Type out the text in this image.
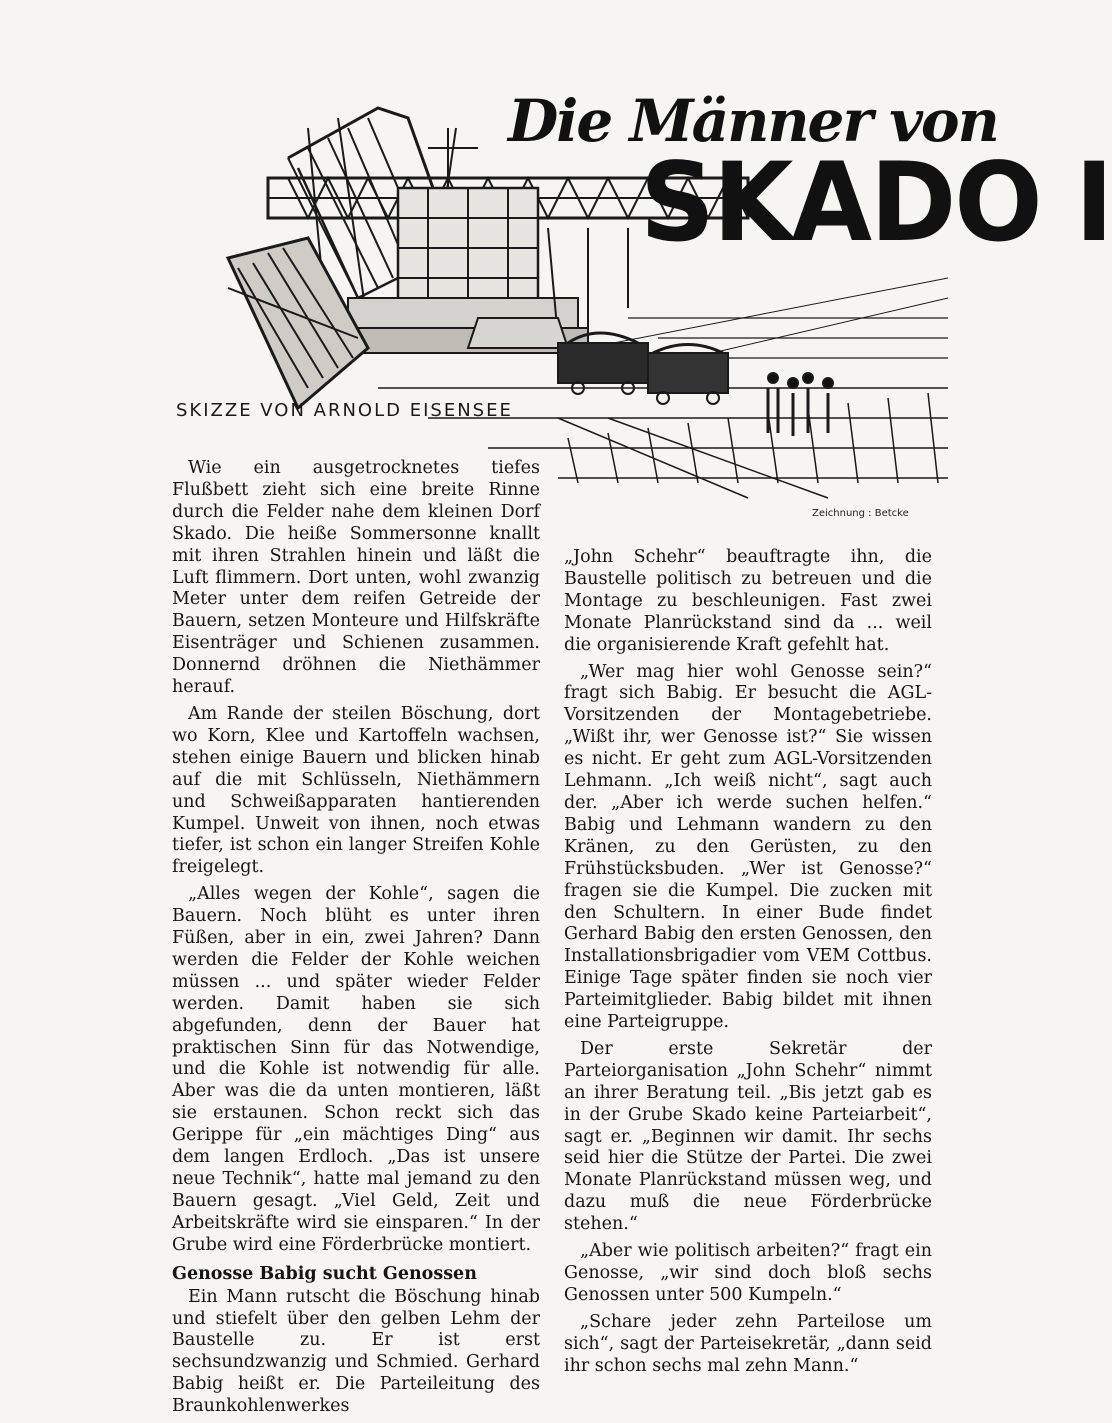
Die Männer von
SKADO I
SKIZZE VON ARNOLD EISENSEE
Zeichnung : Betcke

Wie ein ausgetrocknetes tiefes Flußbett zieht sich eine breite Rinne durch die Felder nahe dem kleinen Dorf Skado. Die heiße Sommersonne knallt mit ihren Strahlen hinein und läßt die Luft flimmern. Dort unten, wohl zwanzig Meter unter dem reifen Getreide der Bauern, setzen Monteure und Hilfskräfte Eisenträger und Schienen zusammen. Donnernd dröhnen die Niethämmer herauf.

Am Rande der steilen Böschung, dort wo Korn, Klee und Kartoffeln wachsen, stehen einige Bauern und blicken hinab auf die mit Schlüsseln, Niethämmern und Schweißapparaten hantierenden Kumpel. Unweit von ihnen, noch etwas tiefer, ist schon ein langer Streifen Kohle freigelegt.

„Alles wegen der Kohle“, sagen die Bauern. Noch blüht es unter ihren Füßen, aber in ein, zwei Jahren? Dann werden die Felder der Kohle weichen müssen ... und später wieder Felder werden. Damit haben sie sich abgefunden, denn der Bauer hat praktischen Sinn für das Notwendige, und die Kohle ist notwendig für alle. Aber was die da unten montieren, läßt sie erstaunen. Schon reckt sich das Gerippe für „ein mächtiges Ding“ aus dem langen Erdloch. „Das ist unsere neue Technik“, hatte mal jemand zu den Bauern gesagt. „Viel Geld, Zeit und Arbeitskräfte wird sie einsparen.“ In der Grube wird eine Förderbrücke montiert.

Genosse Babig sucht Genossen

Ein Mann rutscht die Böschung hinab und stiefelt über den gelben Lehm der Baustelle zu. Er ist erst sechsundzwanzig und Schmied. Gerhard Babig heißt er. Die Parteileitung des Braunkohlenwerkes

„John Schehr“ beauftragte ihn, die Baustelle politisch zu betreuen und die Montage zu beschleunigen. Fast zwei Monate Planrückstand sind da ... weil die organisierende Kraft gefehlt hat.

„Wer mag hier wohl Genosse sein?“ fragt sich Babig. Er besucht die AGL-Vorsitzenden der Montagebetriebe. „Wißt ihr, wer Genosse ist?“ Sie wissen es nicht. Er geht zum AGL-Vorsitzenden Lehmann. „Ich weiß nicht“, sagt auch der. „Aber ich werde suchen helfen.“ Babig und Lehmann wandern zu den Kränen, zu den Gerüsten, zu den Frühstücksbuden. „Wer ist Genosse?“ fragen sie die Kumpel. Die zucken mit den Schultern. In einer Bude findet Gerhard Babig den ersten Genossen, den Installationsbrigadier vom VEM Cottbus. Einige Tage später finden sie noch vier Parteimitglieder. Babig bildet mit ihnen eine Parteigruppe.

Der erste Sekretär der Parteiorganisation „John Schehr“ nimmt an ihrer Beratung teil. „Bis jetzt gab es in der Grube Skado keine Parteiarbeit“, sagt er. „Beginnen wir damit. Ihr sechs seid hier die Stütze der Partei. Die zwei Monate Planrückstand müssen weg, und dazu muß die neue Förderbrücke stehen.“

„Aber wie politisch arbeiten?“ fragt ein Genosse, „wir sind doch bloß sechs Genossen unter 500 Kumpeln.“

„Schare jeder zehn Parteilose um sich“, sagt der Parteisekretär, „dann seid ihr schon sechs mal zehn Mann.“
